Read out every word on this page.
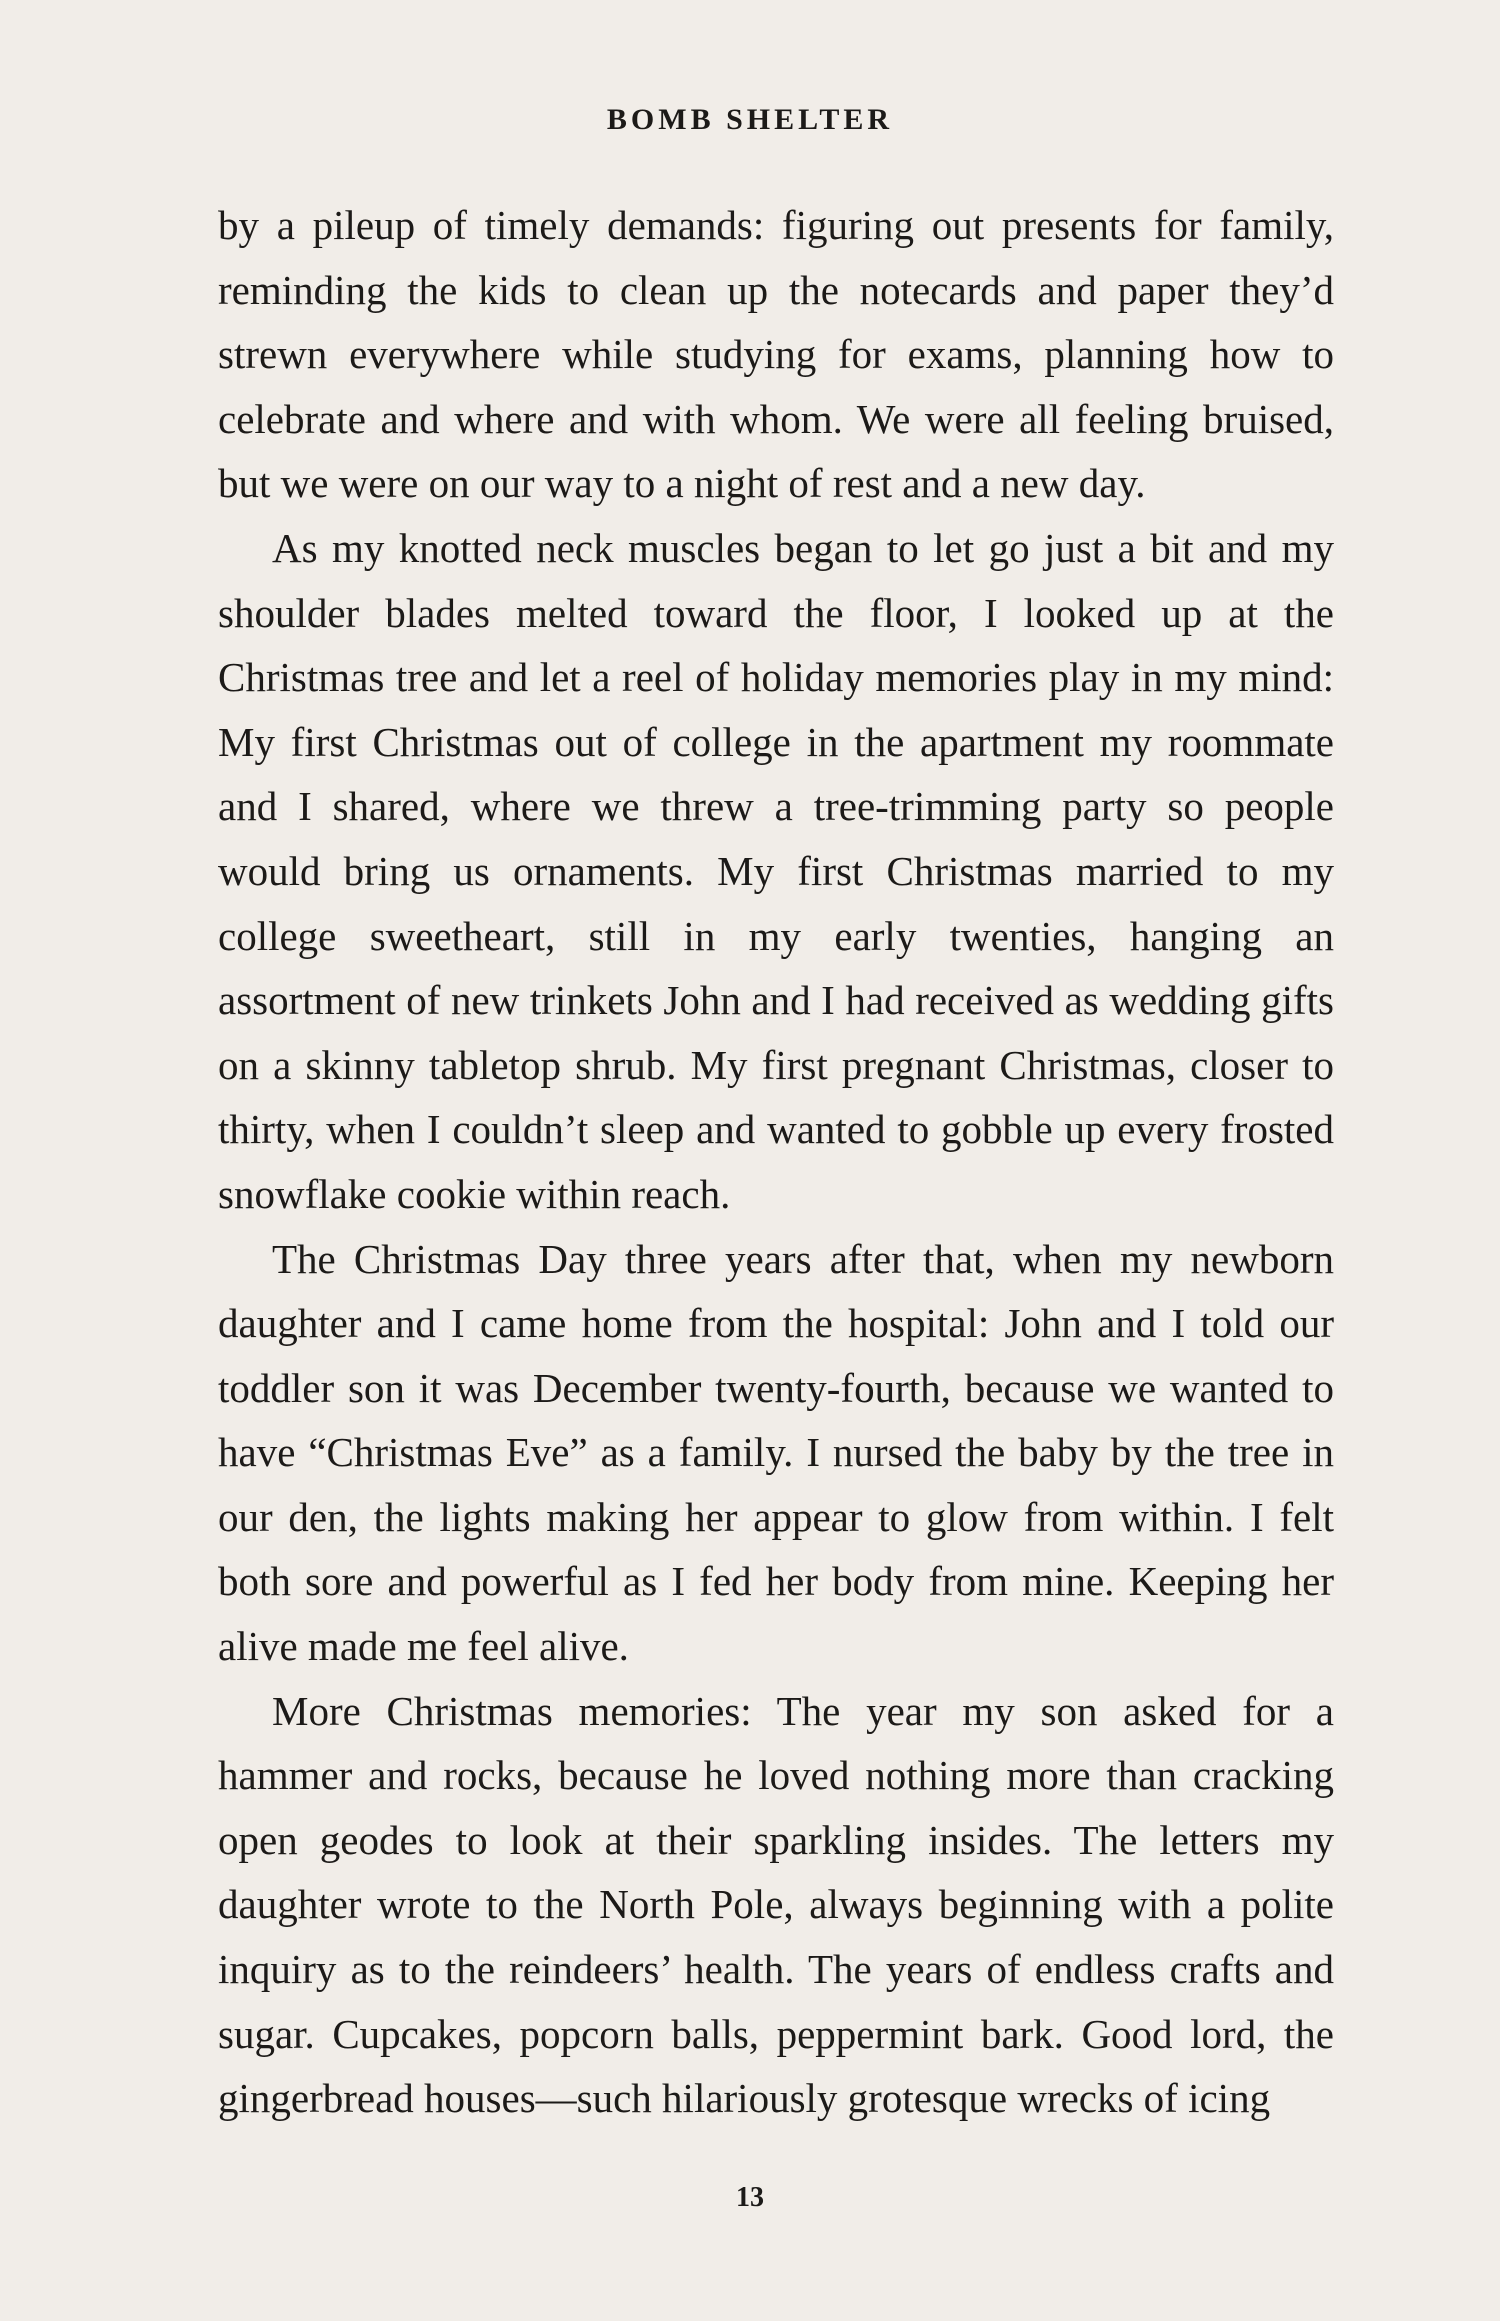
BOMB SHELTER

by a pileup of timely demands: figuring out presents for family, reminding the kids to clean up the notecards and paper they’d strewn everywhere while studying for exams, planning how to celebrate and where and with whom. We were all feeling bruised, but we were on our way to a night of rest and a new day.

As my knotted neck muscles began to let go just a bit and my shoulder blades melted toward the floor, I looked up at the Christmas tree and let a reel of holiday memories play in my mind: My first Christmas out of college in the apartment my roommate and I shared, where we threw a tree-trimming party so people would bring us ornaments. My first Christmas married to my college sweetheart, still in my early twenties, hanging an assortment of new trinkets John and I had received as wedding gifts on a skinny tabletop shrub. My first pregnant Christmas, closer to thirty, when I couldn’t sleep and wanted to gobble up every frosted snowflake cookie within reach.

The Christmas Day three years after that, when my newborn daughter and I came home from the hospital: John and I told our toddler son it was December twenty-fourth, because we wanted to have “Christmas Eve” as a family. I nursed the baby by the tree in our den, the lights making her appear to glow from within. I felt both sore and powerful as I fed her body from mine. Keeping her alive made me feel alive.

More Christmas memories: The year my son asked for a hammer and rocks, because he loved nothing more than cracking open geodes to look at their sparkling insides. The letters my daughter wrote to the North Pole, always beginning with a polite inquiry as to the reindeers’ health. The years of endless crafts and sugar. Cupcakes, popcorn balls, peppermint bark. Good lord, the gingerbread houses—such hilariously grotesque wrecks of icing

13
